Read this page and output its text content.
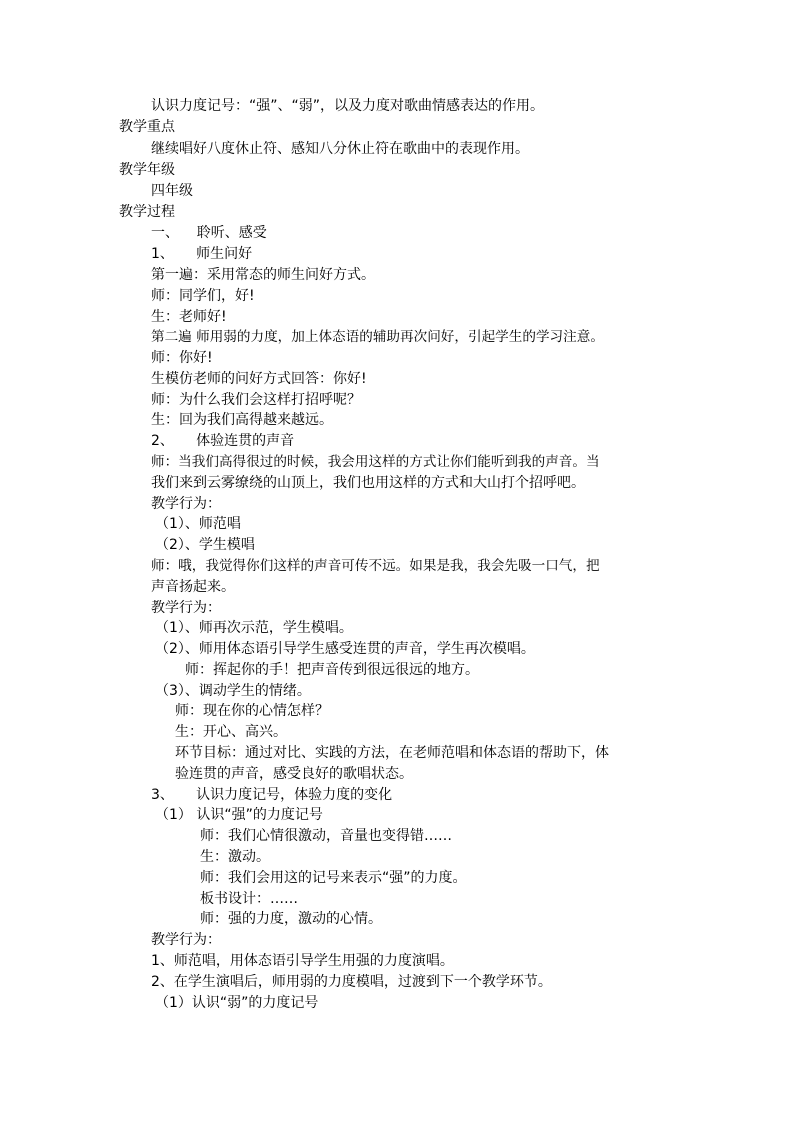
认识力度记号：“强”、“弱”，以及力度对歌曲情感表达的作用。
教学重点
继续唱好八度休止符、感知八分休止符在歌曲中的表现作用。
教学年级
四年级
教学过程
一、    聆听、感受
1、     师生问好
第一遍：采用常态的师生问好方式。
师：同学们，好!
生：老师好!
第二遍 师用弱的力度，加上体态语的辅助再次问好，引起学生的学习注意。
师：你好!
生模仿老师的问好方式回答：你好!
师：为什么我们会这样打招呼呢？
生：回为我们高得越来越远。
2、     体验连贯的声音
师：当我们高得很过的时候，我会用这样的方式让你们能听到我的声音。当
我们来到云雾缭绕的山顶上，我们也用这样的方式和大山打个招呼吧。
教学行为：
（1）、师范唱
（2）、学生模唱
师：哦，我觉得你们这样的声音可传不远。如果是我，我会先吸一口气，把
声音扬起来。
教学行为：
（1）、师再次示范，学生模唱。
（2）、师用体态语引导学生感受连贯的声音，学生再次模唱。
师：挥起你的手！把声音传到很远很远的地方。
（3）、调动学生的情绪。
师：现在你的心情怎样？
生：开心、高兴。
环节目标：通过对比、实践的方法，在老师范唱和体态语的帮助下，体
验连贯的声音，感受良好的歌唱状态。
3、     认识力度记号，体验力度的变化
（1） 认识“强”的力度记号
师：我们心情很激动，音量也变得错……
生：激动。
师：我们会用这的记号来表示“强”的力度。
板书设计：……
师：强的力度，激动的心情。
教学行为：
1、师范唱，用体态语引导学生用强的力度演唱。
2、在学生演唱后，师用弱的力度模唱，过渡到下一个教学环节。
（1）认识“弱”的力度记号
